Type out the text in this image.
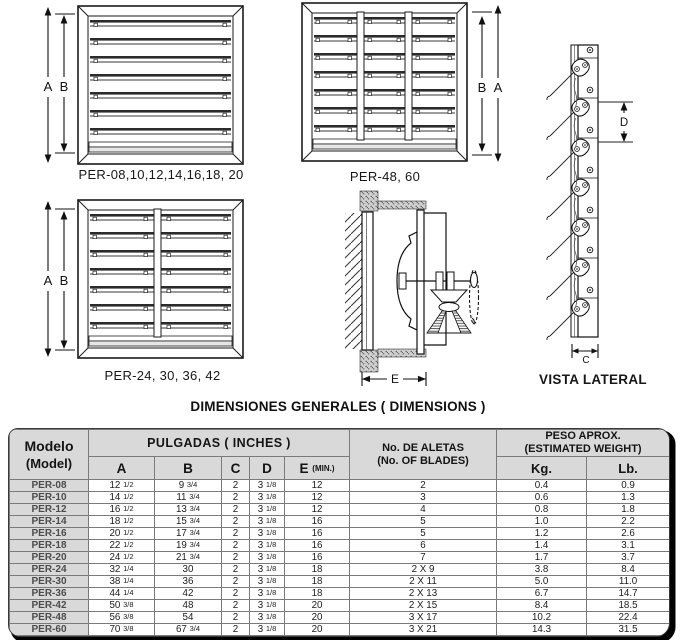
A B	B A
A B
E
D
C
PER-08,10,12,14,16,18, 20	PER-48, 60
PER-24, 30, 36, 42	VISTA LATERAL
DIMENSIONES GENERALES ( DIMENSIONS )
Modelo
(Model)
	PULGADAS ( INCHES )	No. DE ALETAS
(No. OF BLADES)

PESO APROX.
(ESTIMATED WEIGHT)

	A	B	C	D	E (MIN.)		Kg.	Lb.
PER-08	12 1/2	9 3/4	2	3 1/8	12	2	0.4	0.9
PER-10	14 1/2	11 3/4	2	3 1/8	12	3	0.6	1.3
PER-12	16 1/2	13 3/4	2	3 1/8	12	4	0.8	1.8
PER-14	18 1/2	15 3/4	2	3 1/8	16	5	1.0	2.2
PER-16	20 1/2	17 3/4	2	3 1/8	16	5	1.2	2.6
PER-18	22 1/2	19 3/4	2	3 1/8	16	6	1.4	3.1
PER-20	24 1/2	21 3/4	2	3 1/8	16	7	1.7	3.7
PER-24	32 1/4	30	2	3 1/8	18	2 X 9	3.8	8.4
PER-30	38 1/4	36	2	3 1/8	18	2 X 11	5.0	11.0
PER-36	44 1/4	42	2	3 1/8	18	2 X 13	6.7	14.7
PER-42	50 3/8	48	2	3 1/8	20	2 X 15	8.4	18.5
PER-48	56 3/8	54	2	3 1/8	20	3 X 17	10.2	22.4
PER-60	70 3/8	67 3/4	2	3 1/8	20	3 X 21	14.3	31.5
